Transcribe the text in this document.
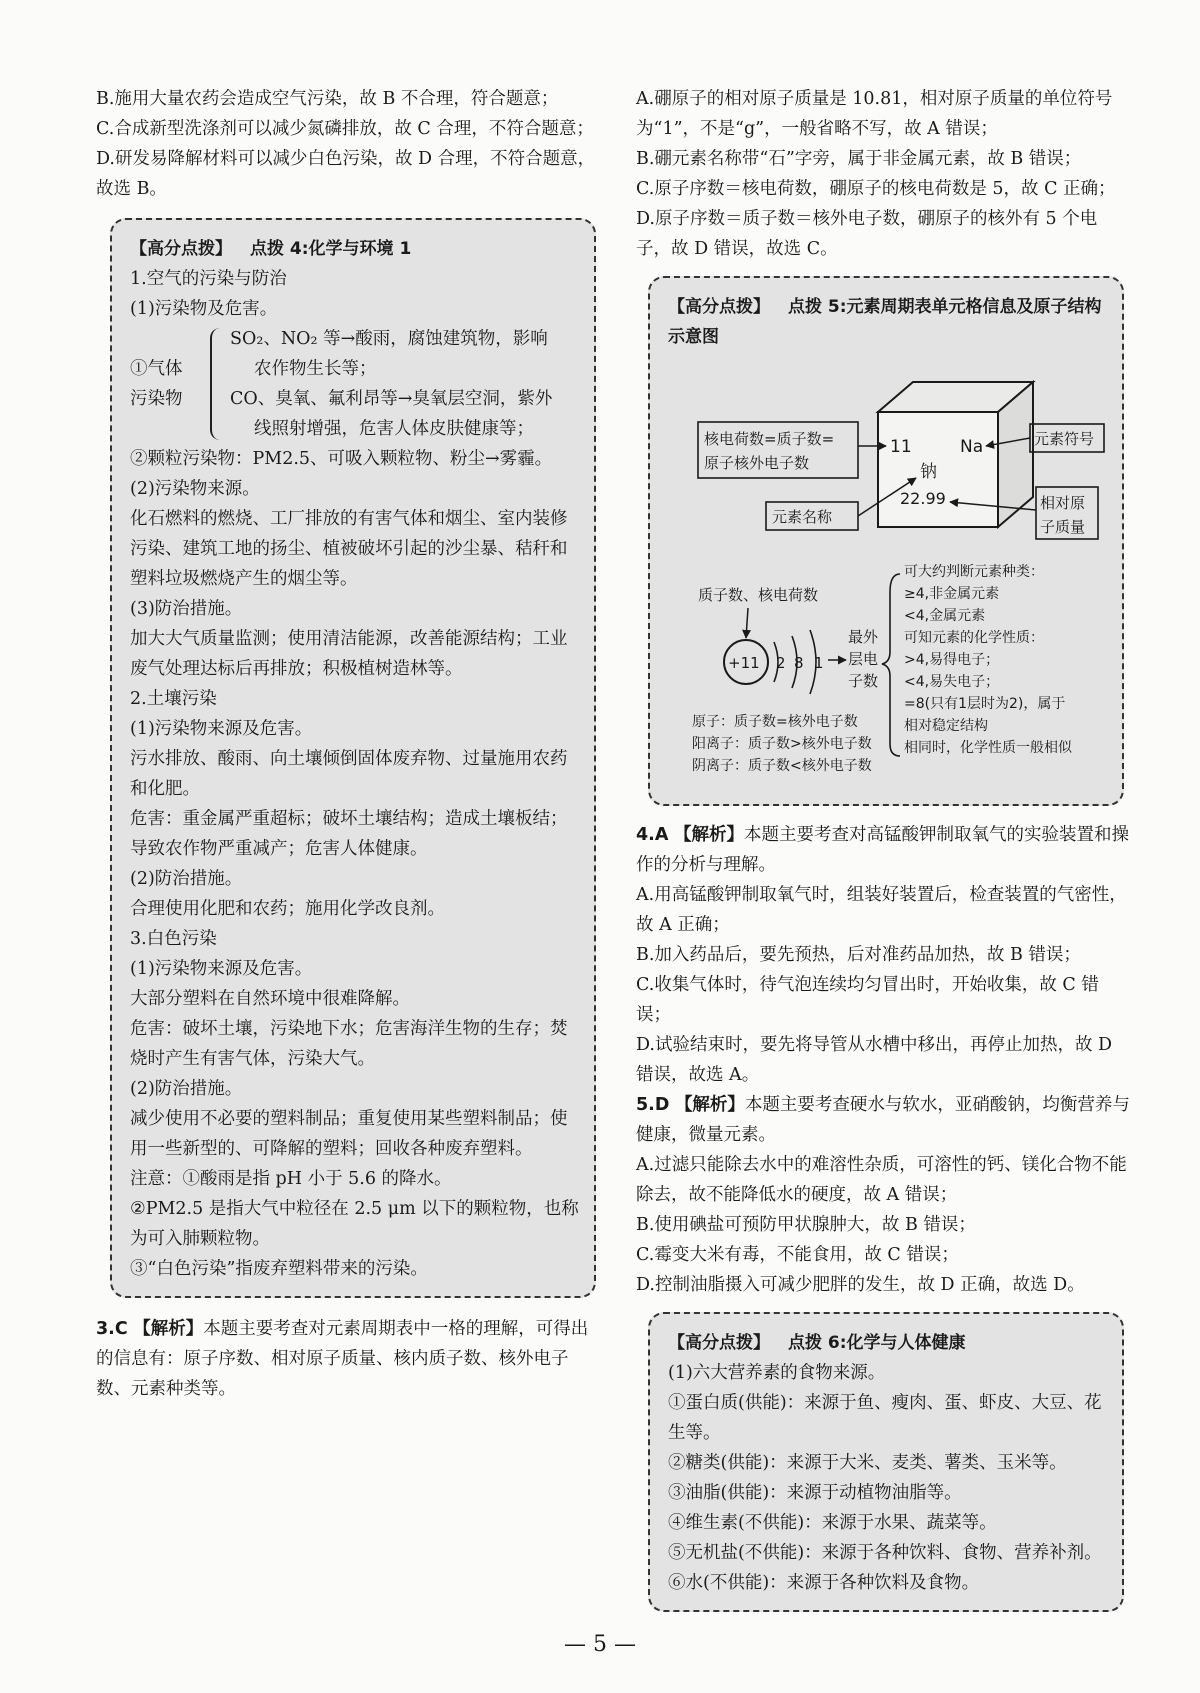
B.施用大量农药会造成空气污染，故 B 不合理，符合题意；

C.合成新型洗涤剂可以减少氮磷排放，故 C 合理，不符合题意；

D.研发易降解材料可以减少白色污染，故 D 合理，不符合题意，故选 B。

【高分点拨】 点拨 4:化学与环境 1

1.空气的污染与防治

(1)污染物及危害。

①气体
污染物

SO₂、NO₂ 等→酸雨，腐蚀建筑物，影响

农作物生长等；

CO、臭氧、氟利昂等→臭氧层空洞，紫外

线照射增强，危害人体皮肤健康等；

②颗粒污染物：PM2.5、可吸入颗粒物、粉尘→雾霾。

(2)污染物来源。

化石燃料的燃烧、工厂排放的有害气体和烟尘、室内装修污染、建筑工地的扬尘、植被破坏引起的沙尘暴、秸秆和塑料垃圾燃烧产生的烟尘等。

(3)防治措施。

加大大气质量监测；使用清洁能源，改善能源结构；工业废气处理达标后再排放；积极植树造林等。

2.土壤污染

(1)污染物来源及危害。

污水排放、酸雨、向土壤倾倒固体废弃物、过量施用农药和化肥。

危害：重金属严重超标；破坏土壤结构；造成土壤板结；导致农作物严重减产；危害人体健康。

(2)防治措施。

合理使用化肥和农药；施用化学改良剂。

3.白色污染

(1)污染物来源及危害。

大部分塑料在自然环境中很难降解。

危害：破坏土壤，污染地下水；危害海洋生物的生存；焚烧时产生有害气体，污染大气。

(2)防治措施。

减少使用不必要的塑料制品；重复使用某些塑料制品；使用一些新型的、可降解的塑料；回收各种废弃塑料。

注意：①酸雨是指 pH 小于 5.6 的降水。

②PM2.5 是指大气中粒径在 2.5 μm 以下的颗粒物，也称为可入肺颗粒物。

③“白色污染”指废弃塑料带来的污染。

3.C 【解析】本题主要考查对元素周期表中一格的理解，可得出的信息有：原子序数、相对原子质量、核内质子数、核外电子数、元素种类等。

A.硼原子的相对原子质量是 10.81，相对原子质量的单位符号为“1”，不是“g”，一般省略不写，故 A 错误；

B.硼元素名称带“石”字旁，属于非金属元素，故 B 错误；

C.原子序数＝核电荷数，硼原子的核电荷数是 5，故 C 正确；

D.原子序数＝质子数＝核外电子数，硼原子的核外有 5 个电子，故 D 错误，故选 C。

【高分点拨】 点拨 5:元素周期表单元格信息及原子结构示意图

11	Na
钠
22.99
核电荷数=质子数=
原子核外电子数
元素符号
元素名称
相对原
子质量
质子数、核电荷数
+11 2 8 1
最外
层电
子数
可大约判断元素种类：
≥4,非金属元素
<4,金属元素
可知元素的化学性质：
>4,易得电子；
<4,易失电子；
=8(只有1层时为2)，属于
相对稳定结构
相同时，化学性质一般相似
原子：质子数=核外电子数
阳离子：质子数>核外电子数
阴离子：质子数<核外电子数

4.A 【解析】本题主要考查对高锰酸钾制取氧气的实验装置和操作的分析与理解。

A.用高锰酸钾制取氧气时，组装好装置后，检查装置的气密性，故 A 正确；

B.加入药品后，要先预热，后对准药品加热，故 B 错误；

C.收集气体时，待气泡连续均匀冒出时，开始收集，故 C 错误；

D.试验结束时，要先将导管从水槽中移出，再停止加热，故 D 错误，故选 A。

5.D 【解析】本题主要考查硬水与软水，亚硝酸钠，均衡营养与健康，微量元素。

A.过滤只能除去水中的难溶性杂质，可溶性的钙、镁化合物不能除去，故不能降低水的硬度，故 A 错误；

B.使用碘盐可预防甲状腺肿大，故 B 错误；

C.霉变大米有毒，不能食用，故 C 错误；

D.控制油脂摄入可减少肥胖的发生，故 D 正确，故选 D。

【高分点拨】 点拨 6:化学与人体健康

(1)六大营养素的食物来源。

①蛋白质(供能)：来源于鱼、瘦肉、蛋、虾皮、大豆、花生等。

②糖类(供能)：来源于大米、麦类、薯类、玉米等。

③油脂(供能)：来源于动植物油脂等。

④维生素(不供能)：来源于水果、蔬菜等。

⑤无机盐(不供能)：来源于各种饮料、食物、营养补剂。

⑥水(不供能)：来源于各种饮料及食物。

— 5 —
